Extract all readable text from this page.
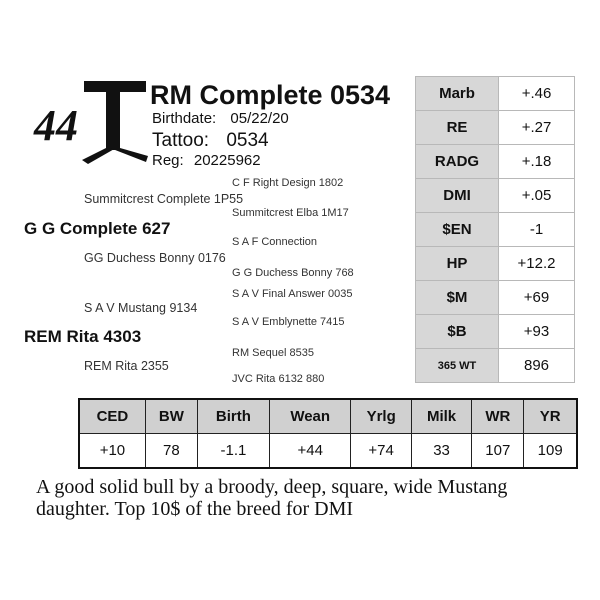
44
RM Complete 0534
Birthdate: 05/22/20
Tattoo: 0534
Reg: 20225962
C F Right Design 1802
Summitcrest Complete 1P55
Summitcrest Elba 1M17
G G Complete 627
S A F Connection
GG Duchess Bonny 0176
G G Duchess Bonny 768
S A V Final Answer 0035
S A V Mustang 9134
S A V Emblynette 7415
REM Rita 4303
RM Sequel 8535
REM Rita 2355
JVC Rita 6132 880
Marb	+.46
RE	+.27
RADG	+.18
DMI	+.05
$EN	-1
HP	+12.2
$M	+69
$B	+93
365 WT	896
CED	BW	Birth	Wean	Yrlg	Milk	WR	YR
+10	78	-1.1	+44	+74	33	107	109
A good solid bull by a broody, deep, square, wide Mustang daughter. Top 10$ of the breed for DMI
